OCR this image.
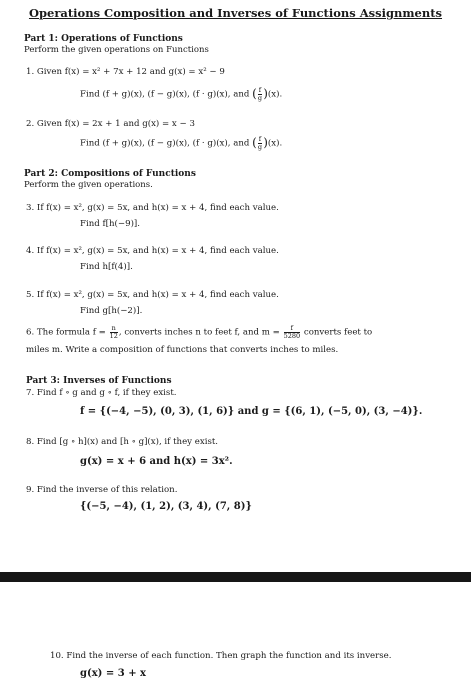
Operations Composition and Inverses of Functions Assignments
Part 1: Operations of Functions
Perform the given operations on Functions
1. Given f(x) = x² + 7x + 12 and g(x) = x² − 9
Find (f + g)(x), (f − g)(x), (f · g)(x), and ( $\frac{f}{g} )(x)$.
2. Given f(x) = 2x + 1 and g(x) = x − 3
Find (f + g)(x), (f − g)(x), (f · g)(x), and ( $\frac{f}{g} )(x)$.
Part 2: Compositions of Functions
Perform the given operations.
3. If f(x) = x², g(x) = 5x, and h(x) = x + 4, find each value.
Find f[h(−9)].
4. If f(x) = x², g(x) = 5x, and h(x) = x + 4, find each value.
Find h[f(4)].
5. If f(x) = x², g(x) = 5x, and h(x) = x + 4, find each value.
Find g[h(−2)].
6. The formula $f = \frac{n}{12}$ , converts inches n to feet f, and $m = \frac{f}{5280}$ converts feet to
miles m. Write a composition of functions that converts inches to miles.
Part 3: Inverses of Functions
7. Find f ∘ g and g ∘ f, if they exist.
f = {(−4, −5), (0, 3), (1, 6)} and g = {(6, 1), (−5, 0), (3, −4)}.
8. Find [g ∘ h](x) and [h ∘ g](x), if they exist.
g(x) = x + 6 and h(x) = 3x².
9. Find the inverse of this relation.
{(−5, −4), (1, 2), (3, 4), (7, 8)}
10. Find the inverse of each function. Then graph the function and its inverse.
g(x) = 3 + x
